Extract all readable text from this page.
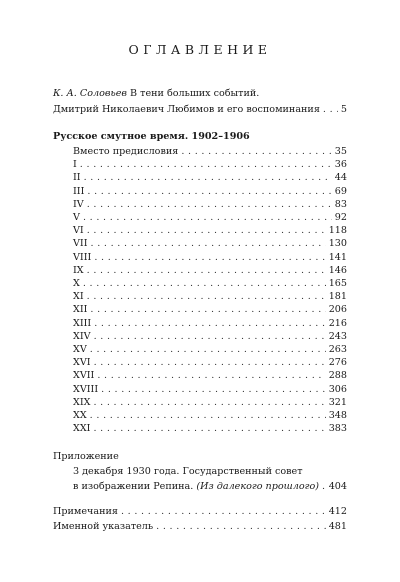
ОГЛАВЛЕНИЕ
К. А. Соловьев В тени больших событий.
Дмитрий Николаевич Любимов и его воспоминания . . . 5
Русское смутное время. 1902–1906
Вместо предисловия . . .	35
I . . .	36
II . . .	44
III . . .	69
IV . . .	83
V . . .	92
VI . . .	118
VII . . .	130
VIII . . .	141
IX . . .	146
X . . .	165
XI . . .	181
XII . . .	206
XIII . . .	216
XIV . . .	243
XV . . .	263
XVI . . .	276
XVII . . .	288
XVIII . . .	306
XIX . . .	321
XX . . .	348
XXI . . .	383
Приложение
3 декабря 1930 года. Государственный совет
в изображении Репина. (Из далекого прошлого) . . . 404
Примечания . . .	412
Именной указатель . . .	481
